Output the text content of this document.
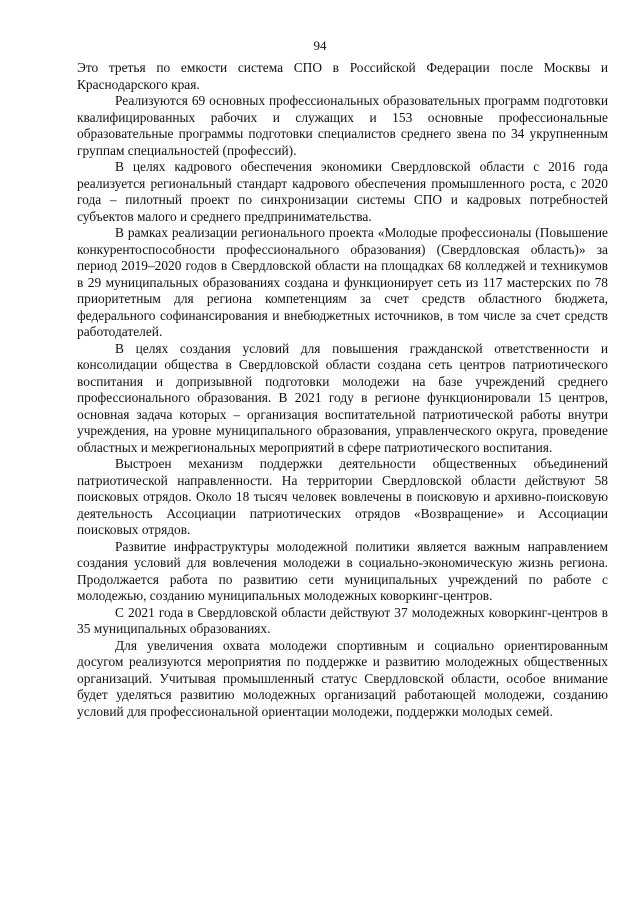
94

Это третья по емкости система СПО в Российской Федерации после Москвы и Краснодарского края.

Реализуются 69 основных профессиональных образовательных программ подготовки квалифицированных рабочих и служащих и 153 основные профессиональные образовательные программы подготовки специалистов среднего звена по 34 укрупненным группам специальностей (профессий).

В целях кадрового обеспечения экономики Свердловской области с 2016 года реализуется региональный стандарт кадрового обеспечения промышленного роста, с 2020 года – пилотный проект по синхронизации системы СПО и кадровых потребностей субъектов малого и среднего предпринимательства.

В рамках реализации регионального проекта «Молодые профессионалы (Повышение конкурентоспособности профессионального образования) (Свердловская область)» за период 2019–2020 годов в Свердловской области на площадках 68 колледжей и техникумов в 29 муниципальных образованиях создана и функционирует сеть из 117 мастерских по 78 приоритетным для региона компетенциям за счет средств областного бюджета, федерального софинансирования и внебюджетных источников, в том числе за счет средств работодателей.

В целях создания условий для повышения гражданской ответственности и консолидации общества в Свердловской области создана сеть центров патриотического воспитания и допризывной подготовки молодежи на базе учреждений среднего профессионального образования. В 2021 году в регионе функционировали 15 центров, основная задача которых – организация воспитательной патриотической работы внутри учреждения, на уровне муниципального образования, управленческого округа, проведение областных и межрегиональных мероприятий в сфере патриотического воспитания.

Выстроен механизм поддержки деятельности общественных объединений патриотической направленности. На территории Свердловской области действуют 58 поисковых отрядов. Около 18 тысяч человек вовлечены в поисковую и архивно-поисковую деятельность Ассоциации патриотических отрядов «Возвращение» и Ассоциации поисковых отрядов.

Развитие инфраструктуры молодежной политики является важным направлением создания условий для вовлечения молодежи в социально-экономическую жизнь региона. Продолжается работа по развитию сети муниципальных учреждений по работе с молодежью, созданию муниципальных молодежных коворкинг-центров.

С 2021 года в Свердловской области действуют 37 молодежных коворкинг-центров в 35 муниципальных образованиях.

Для увеличения охвата молодежи спортивным и социально ориентированным досугом реализуются мероприятия по поддержке и развитию молодежных общественных организаций. Учитывая промышленный статус Свердловской области, особое внимание будет уделяться развитию молодежных организаций работающей молодежи, созданию условий для профессиональной ориентации молодежи, поддержки молодых семей.
